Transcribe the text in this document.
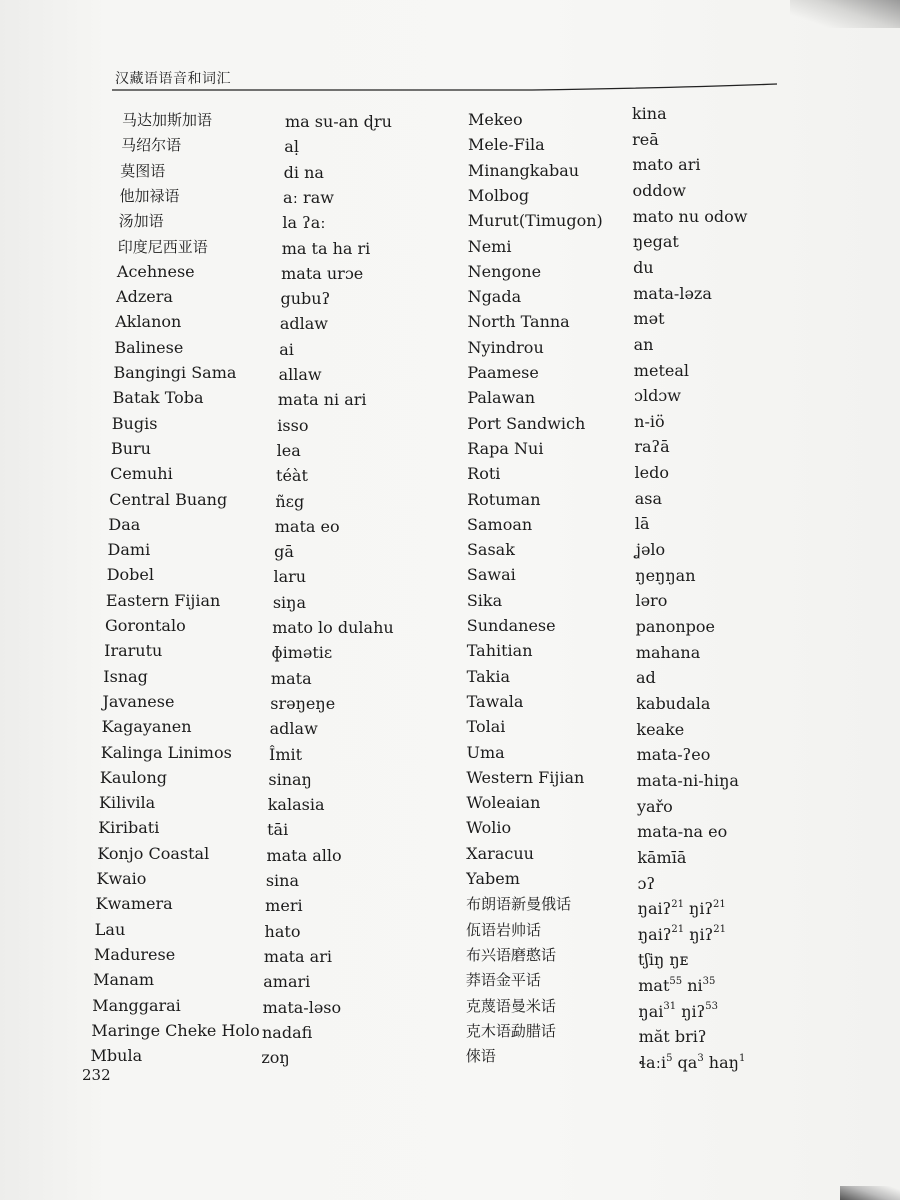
汉藏语语音和词汇
马达加斯加语
马绍尔语
莫图语
他加禄语
汤加语
印度尼西亚语
Acehnese
Adzera
Aklanon
Balinese
Bangingi Sama
Batak Toba
Bugis
Buru
Cemuhi
Central Buang
Daa
Dami
Dobel
Eastern Fijian
Gorontalo
Irarutu
Isnag
Javanese
Kagayanen
Kalinga Linimos
Kaulong
Kilivila
Kiribati
Konjo Coastal
Kwaio
Kwamera
Lau
Madurese
Manam
Manggarai
Maringe Cheke Holo
Mbula
ma su-an ɖru
aḷ
di na
aː raw
la ʔaː
ma ta ha ri
mata urɔe
gubuʔ
adlaw
ai
allaw
mata ni ari
isso
lea
téàt
ñɛg
mata eo
gā
laru
siŋa
mato lo dulahu
ɸimətiɛ
mata
srəŋeŋe
adlaw
Îmit
sinaŋ
kalasia
tāi
mata allo
sina
meri
hato
mata ari
amari
mata-ləso
nadafi
zoŋ
Mekeo
Mele-Fila
Minangkabau
Molbog
Murut(Timugon)
Nemi
Nengone
Ngada
North Tanna
Nyindrou
Paamese
Palawan
Port Sandwich
Rapa Nui
Roti
Rotuman
Samoan
Sasak
Sawai
Sika
Sundanese
Tahitian
Takia
Tawala
Tolai
Uma
Western Fijian
Woleaian
Wolio
Xaracuu
Yabem
布朗语新曼俄话
佤语岩帅话
布兴语磨憨话
莽语金平话
克蔑语曼米话
克木语勐腊话
倈语
kina
reā
mato ari
oddow
mato nu odow
ŋegat
du
mata-ləza
mət
an
meteal
ɔldɔw
n-iö
raʔā
ledo
asa
lā
ʝəlo
ŋeŋŋan
ləro
panonpoe
mahana
ad
kabudala
keake
mata-ʔeo
mata-ni-hiŋa
yařo
mata-na eo
kāmīā
ɔʔ
ŋaiʔ$^{21}$ ŋiʔ$^{21}$
ŋaiʔ$^{21}$ ŋiʔ$^{21}$
tʃiŋ ŋᴇ
mat$^{55}$ $ni^{35}$
ŋai$^{31}$ ŋiʔ$^{53}$
măt briʔ
ɬaːi$^5$ $qa^3$ haŋ$^1$
232
